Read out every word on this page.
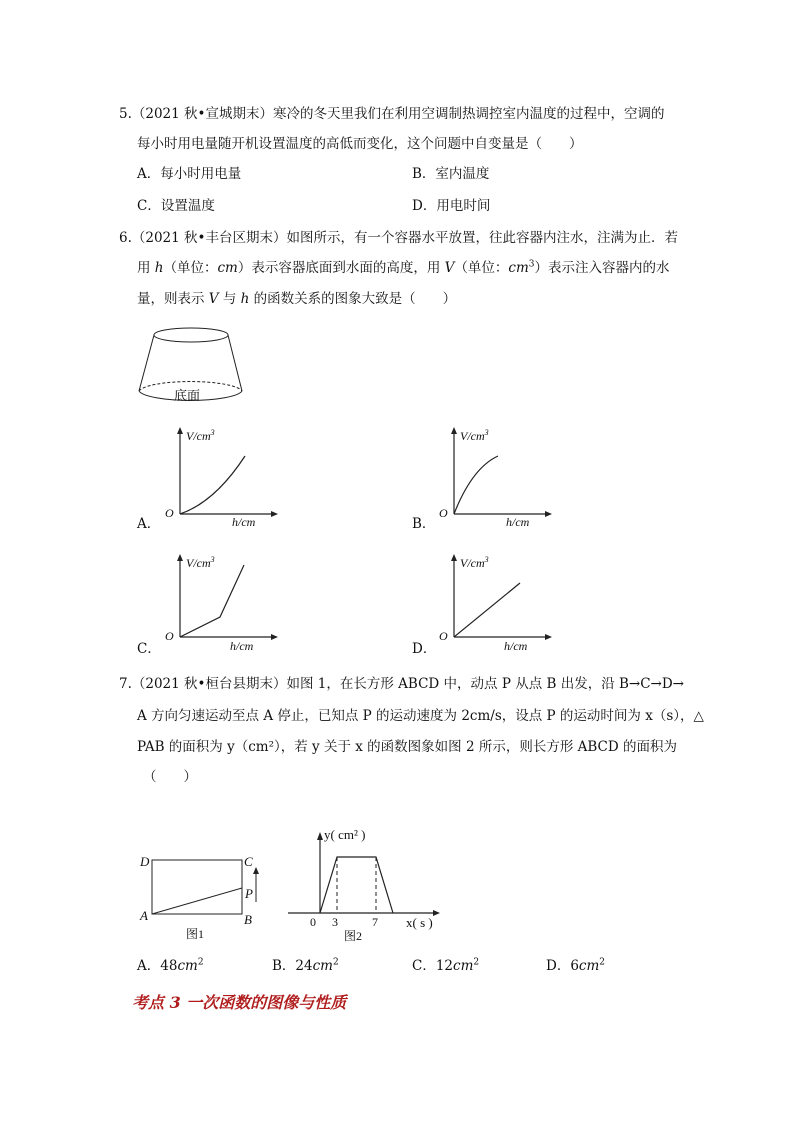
5.（2021 秋•宣城期末）寒冷的冬天里我们在利用空调制热调控室内温度的过程中，空调的
每小时用电量随开机设置温度的高低而变化，这个问题中自变量是（　　）
A．每小时用电量	B．室内温度
C．设置温度	D．用电时间
6.（2021 秋•丰台区期末）如图所示，有一个容器水平放置，往此容器内注水，注满为止．若
用 h（单位：cm）表示容器底面到水面的高度，用 V（单位：$cm^3$）表示注入容器内的水
量，则表示 V 与 h 的函数关系的图象大致是（　　）
底面
$V/cm^3$
O
h/cm
A．
$V/cm^3$
O
h/cm
B．
$V/cm^3$
O
h/cm
C．
$V/cm^3$
O
h/cm
D．
7.（2021 秋•桓台县期末）如图 1，在长方形 ABCD 中，动点 P 从点 B 出发，沿 B→C→D→
A 方向匀速运动至点 A 停止，已知点 P 的运动速度为 2cm/s，设点 P 的运动时间为 x（s），△
PAB 的面积为 y（cm²），若 y 关于 x 的函数图象如图 2 所示，则长方形 ABCD 的面积为
（　　）
D	C
A	B
P
图1
y( cm² )
0 3	7 x( s )
图2
A．$48cm^2$	B．$24cm^2$	C．$12cm^2$	D．$6cm^2$
考点 3 一次函数的图像与性质
